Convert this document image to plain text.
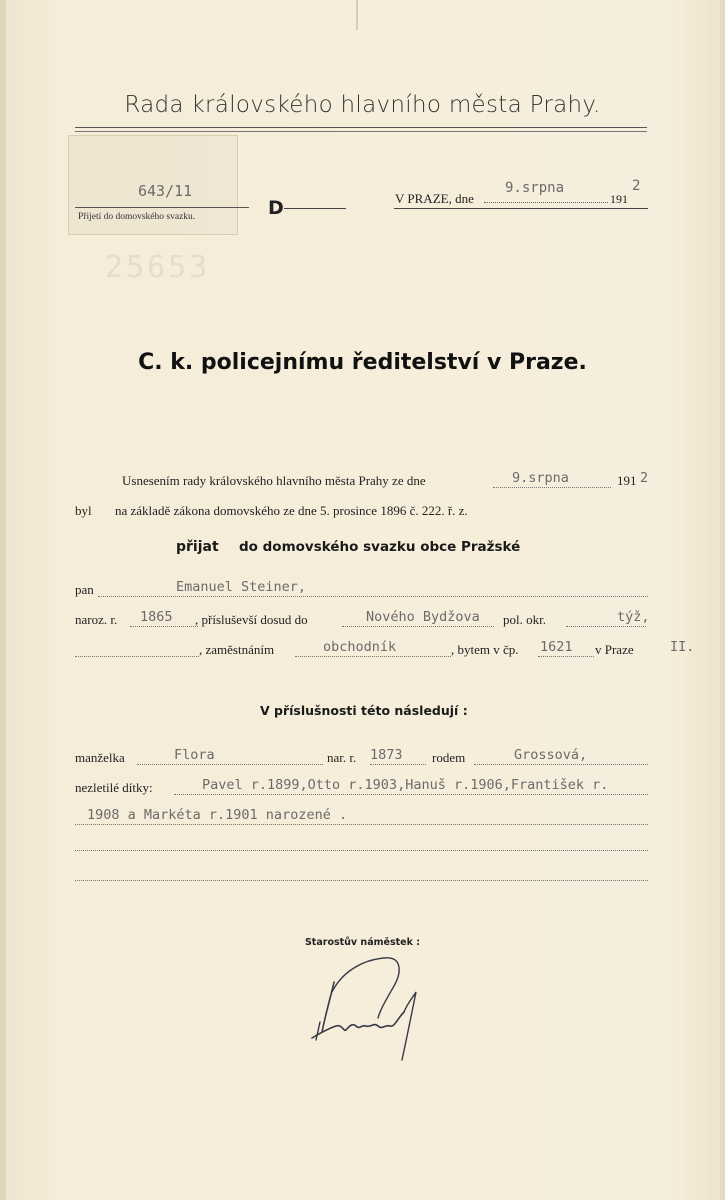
Rada královského hlavního města Prahy.
25653
643/11
Přijetí do domovského svazku.	D
9.srpna	2
V PRAZE, dne	191
C. k. policejnímu ředitelství v Praze.
Usnesením rady královského hlavního města Prahy ze dne	9.srpna	191 2
byl na základě zákona domovského ze dne 5. prosince 1896 č. 222. ř. z.
přijat do domovského svazku obce Pražské
pan	Emanuel Steiner,
naroz. r. 1865 , přísluševší dosud do	Nového Bydžova pol. okr.	týž,
, zaměstnáním	obchodník	, bytem v čp. 1621 v Praze	II.
V příslušnosti této následují :
manželka	Flora	nar. r. 1873 rodem	Grossová,
nezletilé dítky:	Pavel r.1899,Otto r.1903,Hanuš r.1906,František r.
1908 a Markéta r.1901 narozené .
Starostův náměstek :
